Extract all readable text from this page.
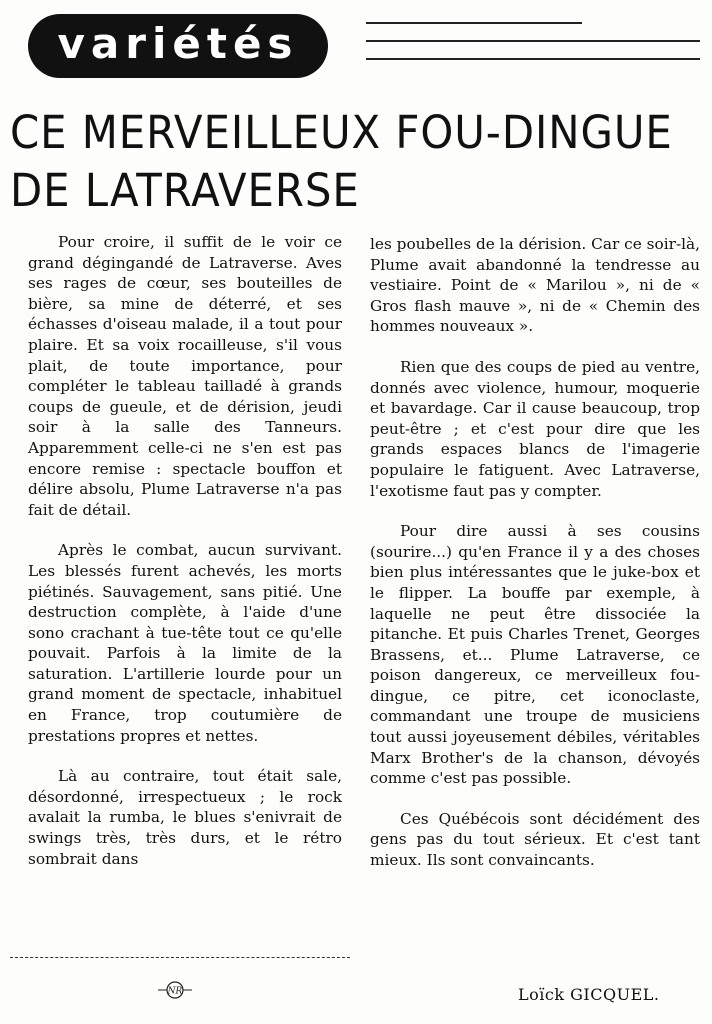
variétés
CE MERVEILLEUX FOU-DINGUE
DE LATRAVERSE

Pour croire, il suffit de le voir ce grand dégingandé de Latraverse. Aves ses rages de cœur, ses bouteilles de bière, sa mine de déterré, et ses échasses d'oiseau malade, il a tout pour plaire. Et sa voix rocailleuse, s'il vous plait, de toute importance, pour compléter le tableau tailladé à grands coups de gueule, et de dérision, jeudi soir à la salle des Tanneurs. Apparemment celle-ci ne s'en est pas encore remise : spectacle bouffon et délire absolu, Plume Latraverse n'a pas fait de détail.

Après le combat, aucun survivant. Les blessés furent achevés, les morts piétinés. Sauvagement, sans pitié. Une destruction complète, à l'aide d'une sono crachant à tue-tête tout ce qu'elle pouvait. Parfois à la limite de la saturation. L'artillerie lourde pour un grand moment de spectacle, inhabituel en France, trop coutumière de prestations propres et nettes.

Là au contraire, tout était sale, désordonné, irrespectueux ; le rock avalait la rumba, le blues s'enivrait de swings très, très durs, et le rétro sombrait dans

les poubelles de la dérision. Car ce soir-là, Plume avait abandonné la tendresse au vestiaire. Point de « Marilou », ni de « Gros flash mauve », ni de « Chemin des hommes nouveaux ».

Rien que des coups de pied au ventre, donnés avec violence, humour, moquerie et bavardage. Car il cause beaucoup, trop peut-être ; et c'est pour dire que les grands espaces blancs de l'imagerie populaire le fatiguent. Avec Latraverse, l'exotisme faut pas y compter.

Pour dire aussi à ses cousins (sourire...) qu'en France il y a des choses bien plus intéressantes que le juke-box et le flipper. La bouffe par exemple, à laquelle ne peut être dissociée la pitanche. Et puis Charles Trenet, Georges Brassens, et... Plume Latraverse, ce poison dangereux, ce merveilleux fou-dingue, ce pitre, cet iconoclaste, commandant une troupe de musiciens tout aussi joyeusement débiles, véritables Marx Brother's de la chanson, dévoyés comme c'est pas possible.

Ces Québécois sont décidément des gens pas du tout sérieux. Et c'est tant mieux. Ils sont convaincants.

NR	Loïck GICQUEL.
